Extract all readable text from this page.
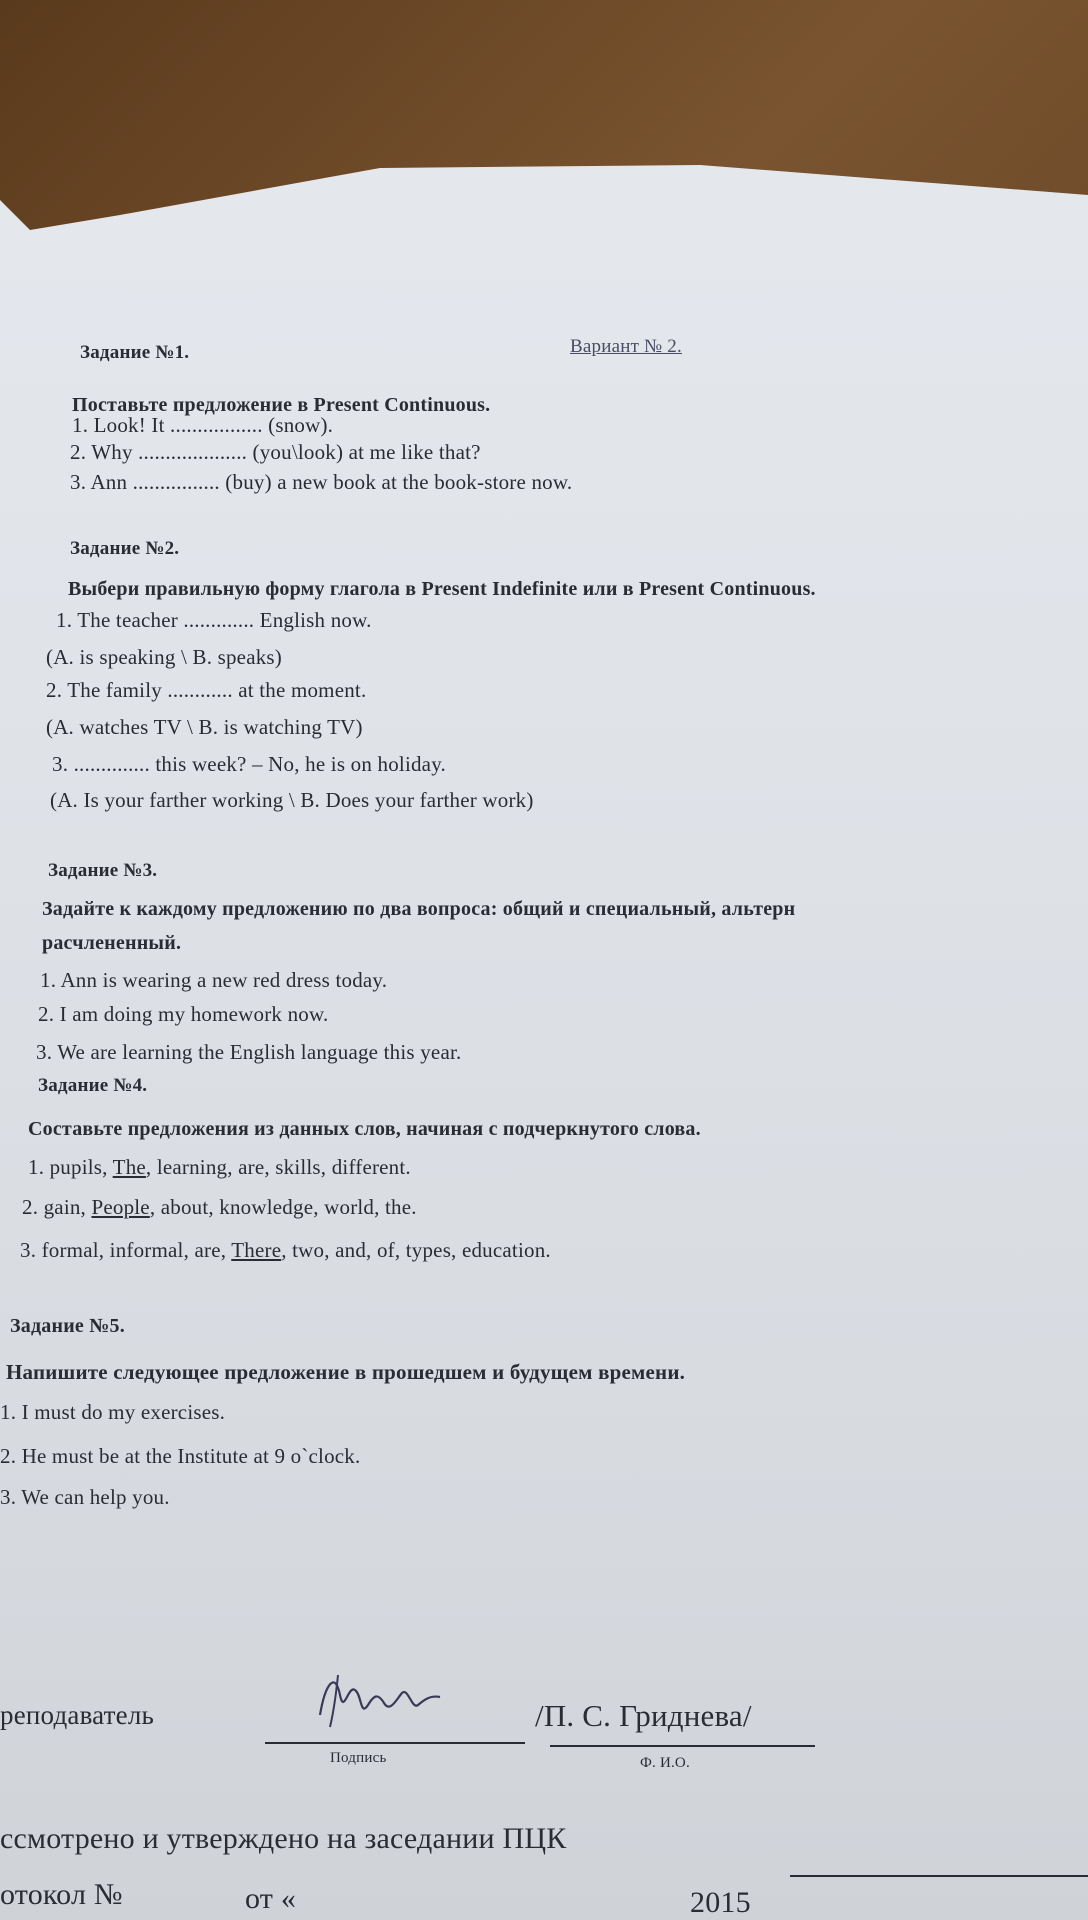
Вариант № 2.
Задание №1.
Поставьте предложение в Present Continuous.
1. Look! It ................. (snow).
2. Why .................... (you\look) at me like that?
3. Ann ................ (buy) a new book at the book-store now.
Задание №2.
Выбери правильную форму глагола в Present Indefinite или в Present Continuous.
1. The teacher ............. English now.
(A. is speaking \ B. speaks)
2. The family ............ at the moment.
(A. watches TV \ B. is watching TV)
3. .............. this week? – No, he is on holiday.
(A. Is your farther working \ B. Does your farther work)
Задание №3.
Задайте к каждому предложению по два вопроса: общий и специальный, альтерн
расчлененный.
1. Ann is wearing a new red dress today.
2. I am doing my homework now.
3. We are learning the English language this year.
Задание №4.
Составьте предложения из данных слов, начиная с подчеркнутого слова.
1. pupils, The, learning, are, skills, different.
2. gain, People, about, knowledge, world, the.
3. formal, informal, are, There, two, and, of, types, education.
Задание №5.
Напишите следующее предложение в прошедшем и будущем времени.
1. I must do my exercises.
2. He must be at the Institute at 9 o`clock.
3. We can help you.
реподаватель
Подпись
/П. С. Гриднева/
Ф. И.О.
ссмотрено и утверждено на заседании ПЦК
отокол №	от «	2015
